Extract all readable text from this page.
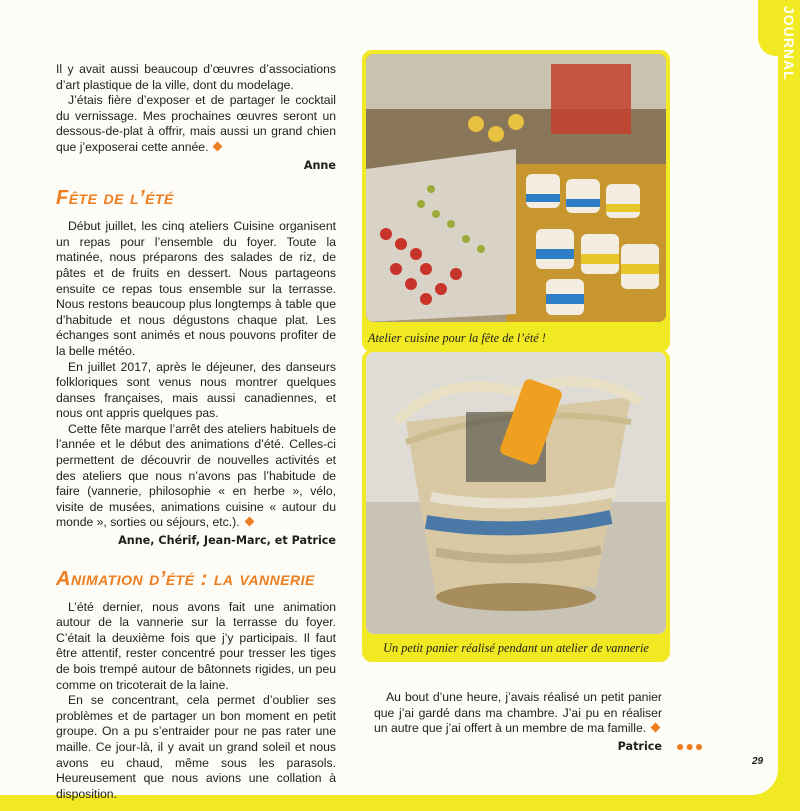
JOURNAL

Il y avait aussi beaucoup d’œuvres d’associations d’art plastique de la ville, dont du modelage.

J’étais fière d’exposer et de partager le cocktail du vernissage. Mes prochaines œuvres seront un dessous-de-plat à offrir, mais aussi un grand chien que j’exposerai cette année.

Anne
Fête de l’été

Début juillet, les cinq ateliers Cuisine organisent un repas pour l’ensemble du foyer. Toute la matinée, nous préparons des salades de riz, de pâtes et de fruits en dessert. Nous partageons ensuite ce repas tous ensemble sur la terrasse. Nous restons beaucoup plus longtemps à table que d’habitude et nous dégustons chaque plat. Les échanges sont animés et nous pouvons profiter de la belle météo.

En juillet 2017, après le déjeuner, des danseurs folkloriques sont venus nous montrer quelques danses françaises, mais aussi canadiennes, et nous ont appris quelques pas.

Cette fête marque l’arrêt des ateliers habituels de l’année et le début des animations d’été. Celles-ci permettent de découvrir de nouvelles activités et des ateliers que nous n’avons pas l’habitude de faire (vannerie, philosophie « en herbe », vélo, visite de musées, animations cuisine « autour du monde », sorties ou séjours, etc.).

Anne, Chérif, Jean-Marc, et Patrice
Animation d’été : la vannerie

L’été dernier, nous avons fait une animation autour de la vannerie sur la terrasse du foyer. C’était la deuxième fois que j’y participais. Il faut être attentif, rester concentré pour tresser les tiges de bois trempé autour de bâtonnets rigides, un peu comme on tricoterait de la laine.

En se concentrant, cela permet d’oublier ses problèmes et de partager un bon moment en petit groupe. On a pu s’entraider pour ne pas rater une maille. Ce jour-là, il y avait un grand soleil et nous avons eu chaud, même sous les parasols. Heureusement que nous avions une collation à disposition.

Atelier cuisine pour la fête de l’été !
Un petit panier réalisé pendant un atelier de vannerie

Au bout d’une heure, j’avais réalisé un petit panier que j’ai gardé dans ma chambre. J’ai pu en réaliser un autre que j’ai offert à un membre de ma famille.

Patrice ●●●
29
